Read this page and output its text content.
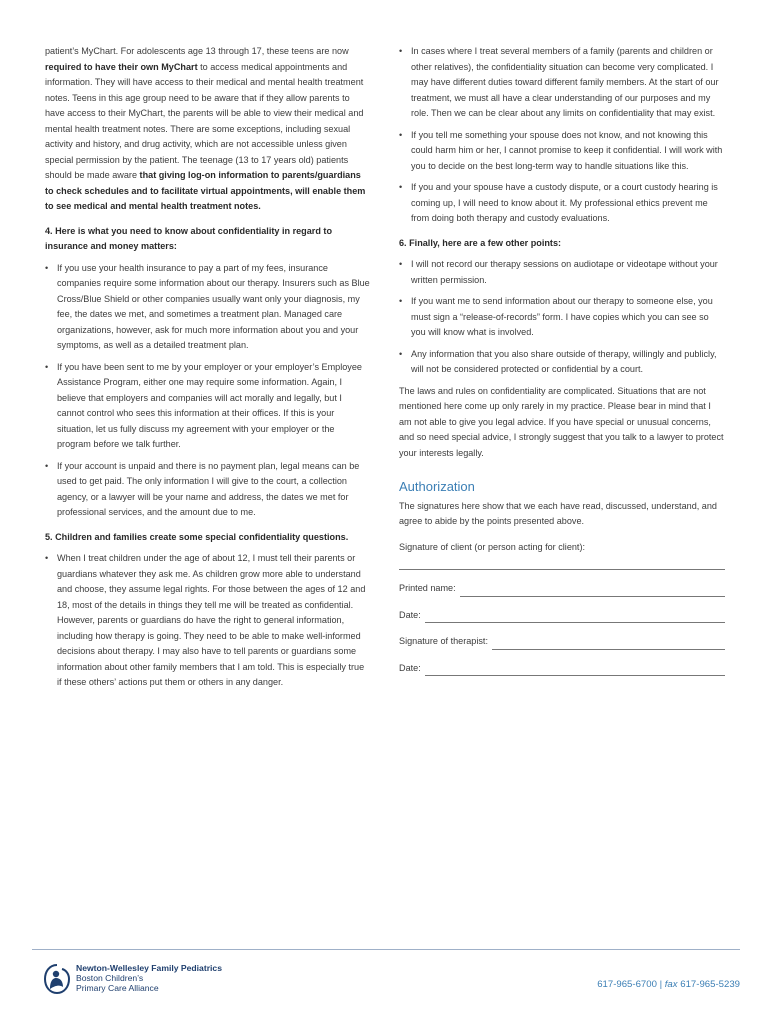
patient’s MyChart. For adolescents age 13 through 17, these teens are now required to have their own MyChart to access medical appointments and information. They will have access to their medical and mental health treatment notes. Teens in this age group need to be aware that if they allow parents to have access to their MyChart, the parents will be able to view their medical and mental health treatment notes. There are some exceptions, including sexual activity and history, and drug activity, which are not accessible unless given special permission by the patient. The teenage (13 to 17 years old) patients should be made aware that giving log-on information to parents/guardians to check schedules and to facilitate virtual appointments, will enable them to see medical and mental health treatment notes.

4. Here is what you need to know about confidentiality in regard to insurance and money matters:

• If you use your health insurance to pay a part of my fees, insurance companies require some information about our therapy. Insurers such as Blue Cross/Blue Shield or other companies usually want only your diagnosis, my fee, the dates we met, and sometimes a treatment plan. Managed care organizations, however, ask for much more information about you and your symptoms, as well as a detailed treatment plan.
• If you have been sent to me by your employer or your employer’s Employee Assistance Program, either one may require some information. Again, I believe that employers and companies will act morally and legally, but I cannot control who sees this information at their offices. If this is your situation, let us fully discuss my agreement with your employer or the program before we talk further.
• If your account is unpaid and there is no payment plan, legal means can be used to get paid. The only information I will give to the court, a collection agency, or a lawyer will be your name and address, the dates we met for professional services, and the amount due to me.

5. Children and families create some special confidentiality questions.

• When I treat children under the age of about 12, I must tell their parents or guardians whatever they ask me. As children grow more able to understand and choose, they assume legal rights. For those between the ages of 12 and 18, most of the details in things they tell me will be treated as confidential. However, parents or guardians do have the right to general information, including how therapy is going. They need to be able to make well-informed decisions about therapy. I may also have to tell parents or guardians some information about other family members that I am told. This is especially true if these others’ actions put them or others in any danger.
• In cases where I treat several members of a family (parents and children or other relatives), the confidentiality situation can become very complicated. I may have different duties toward different family members. At the start of our treatment, we must all have a clear understanding of our purposes and my role. Then we can be clear about any limits on confidentiality that may exist.
• If you tell me something your spouse does not know, and not knowing this could harm him or her, I cannot promise to keep it confidential. I will work with you to decide on the best long-term way to handle situations like this.
• If you and your spouse have a custody dispute, or a court custody hearing is coming up, I will need to know about it. My professional ethics prevent me from doing both therapy and custody evaluations.

6. Finally, here are a few other points:

• I will not record our therapy sessions on audiotape or videotape without your written permission.
• If you want me to send information about our therapy to someone else, you must sign a “release-of-records” form. I have copies which you can see so you will know what is involved.
• Any information that you also share outside of therapy, willingly and publicly, will not be considered protected or confidential by a court.

The laws and rules on confidentiality are complicated. Situations that are not mentioned here come up only rarely in my practice. Please bear in mind that I am not able to give you legal advice. If you have special or unusual concerns, and so need special advice, I strongly suggest that you talk to a lawyer to protect your interests legally.

Authorization

The signatures here show that we each have read, discussed, understand, and agree to abide by the points presented above.

Signature of client (or person acting for client):

Printed name:
Date:
Signature of therapist:
Date:
Newton-Wellesley Family Pediatrics
Boston Children’s
Primary Care Alliance	617-965-6700 | fax 617-965-5239
